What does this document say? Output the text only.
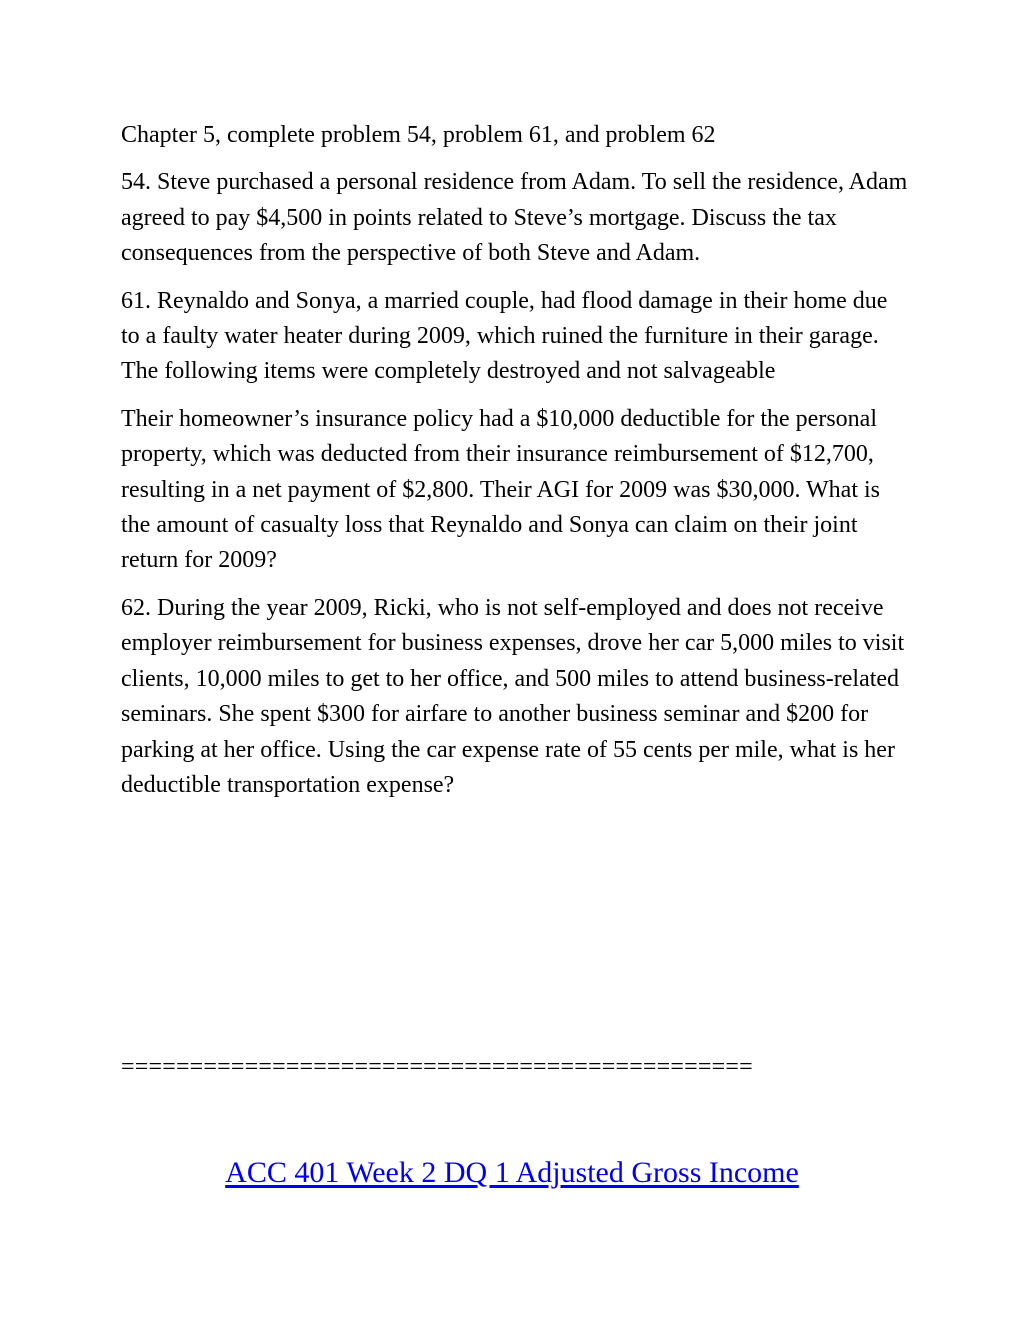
Chapter 5, complete problem 54, problem 61, and problem 62

54. Steve purchased a personal residence from Adam. To sell the residence, Adam agreed to pay $4,500 in points related to Steve’s mortgage. Discuss the tax consequences from the perspective of both Steve and Adam.

61. Reynaldo and Sonya, a married couple, had flood damage in their home due to a faulty water heater during 2009, which ruined the furniture in their garage. The following items were completely destroyed and not salvageable

Their homeowner’s insurance policy had a $10,000 deductible for the personal property, which was deducted from their insurance reimbursement of $12,700, resulting in a net payment of $2,800. Their AGI for 2009 was $30,000. What is the amount of casualty loss that Reynaldo and Sonya can claim on their joint return for 2009?

62. During the year 2009, Ricki, who is not self-employed and does not receive employer reimbursement for business expenses, drove her car 5,000 miles to visit clients, 10,000 miles to get to her office, and 500 miles to attend business-related seminars. She spent $300 for airfare to another business seminar and $200 for parking at her office. Using the car expense rate of 55 cents per mile, what is her deductible transportation expense?

==============================================
ACC 401 Week 2 DQ 1 Adjusted Gross Income
